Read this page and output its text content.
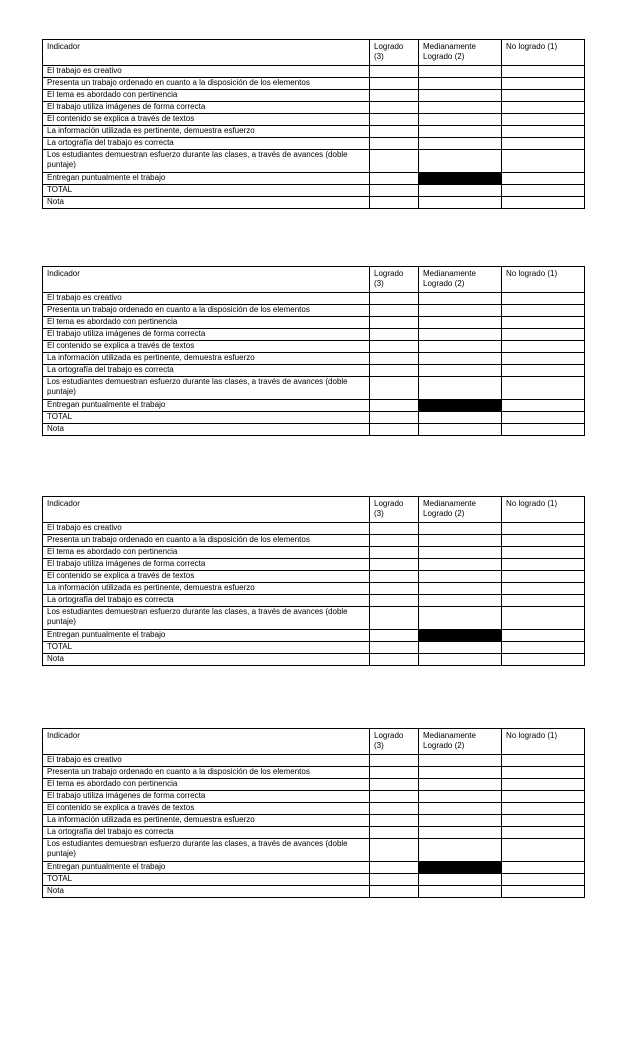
Indicador	Logrado (3)	Medianamente Logrado (2)	No logrado (1)
El trabajo es creativo			
Presenta un trabajo ordenado en cuanto a la disposición de los elementos			
El tema es abordado con pertinencia			
El trabajo utiliza imágenes de forma correcta			
El contenido se explica a través de textos			
La información utilizada es pertinente, demuestra esfuerzo			
La ortografía del trabajo es correcta			
Los estudiantes demuestran esfuerzo durante las clases, a través de avances (doble puntaje)			
Entregan puntualmente el trabajo			
TOTAL			
Nota			
Indicador	Logrado (3)	Medianamente Logrado (2)	No logrado (1)
El trabajo es creativo			
Presenta un trabajo ordenado en cuanto a la disposición de los elementos			
El tema es abordado con pertinencia			
El trabajo utiliza imágenes de forma correcta			
El contenido se explica a través de textos			
La información utilizada es pertinente, demuestra esfuerzo			
La ortografía del trabajo es correcta			
Los estudiantes demuestran esfuerzo durante las clases, a través de avances (doble puntaje)			
Entregan puntualmente el trabajo			
TOTAL			
Nota			
Indicador	Logrado (3)	Medianamente Logrado (2)	No logrado (1)
El trabajo es creativo			
Presenta un trabajo ordenado en cuanto a la disposición de los elementos			
El tema es abordado con pertinencia			
El trabajo utiliza imágenes de forma correcta			
El contenido se explica a través de textos			
La información utilizada es pertinente, demuestra esfuerzo			
La ortografía del trabajo es correcta			
Los estudiantes demuestran esfuerzo durante las clases, a través de avances (doble puntaje)			
Entregan puntualmente el trabajo			
TOTAL			
Nota			
Indicador	Logrado (3)	Medianamente Logrado (2)	No logrado (1)
El trabajo es creativo			
Presenta un trabajo ordenado en cuanto a la disposición de los elementos			
El tema es abordado con pertinencia			
El trabajo utiliza imágenes de forma correcta			
El contenido se explica a través de textos			
La información utilizada es pertinente, demuestra esfuerzo			
La ortografía del trabajo es correcta			
Los estudiantes demuestran esfuerzo durante las clases, a través de avances (doble puntaje)			
Entregan puntualmente el trabajo			
TOTAL			
Nota			
